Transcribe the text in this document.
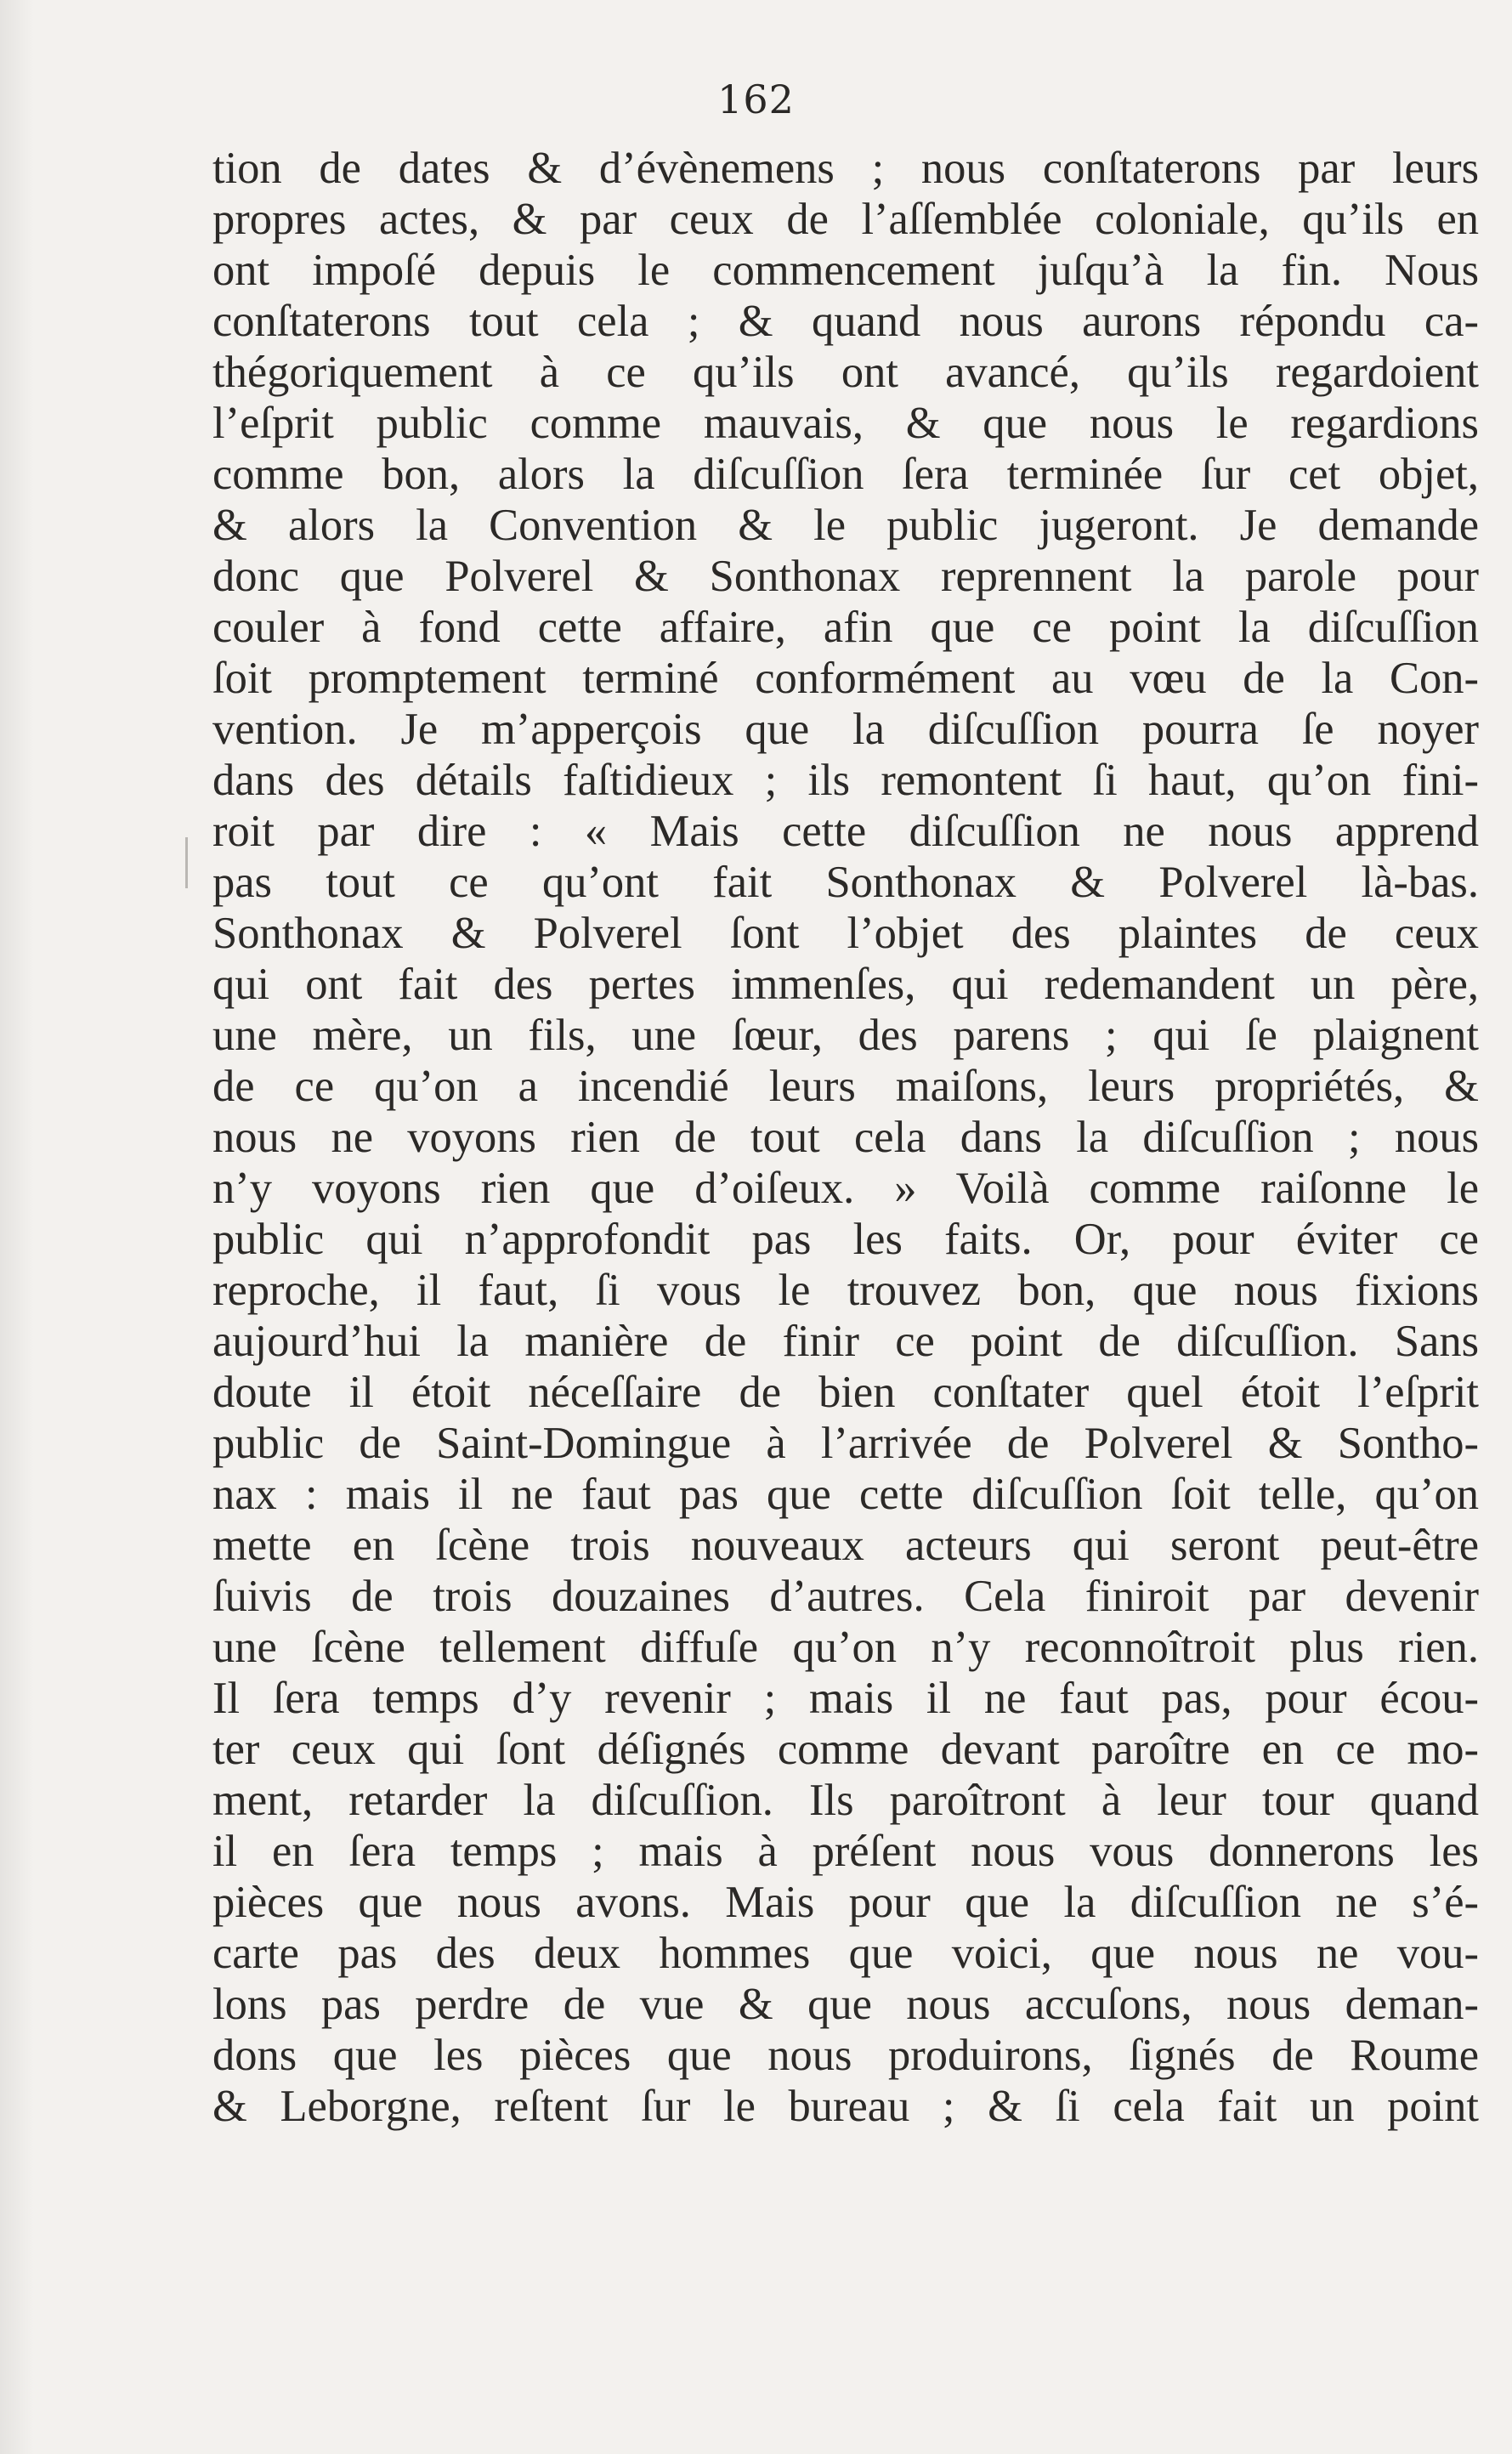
162
tion de dates & d’évènemens ; nous conſtaterons par leurs
propres actes, & par ceux de l’aſſemblée coloniale, qu’ils en
ont impoſé depuis le commencement juſqu’à la fin. Nous
conſtaterons tout cela ; & quand nous aurons répondu ca-
thégoriquement à ce qu’ils ont avancé, qu’ils regardoient
l’eſprit public comme mauvais, & que nous le regardions
comme bon, alors la diſcuſſion ſera terminée ſur cet objet,
& alors la Convention & le public jugeront. Je demande
donc que Polverel & Sonthonax reprennent la parole pour
couler à fond cette affaire, afin que ce point la diſcuſſion
ſoit promptement terminé conformément au vœu de la Con-
vention. Je m’apperçois que la diſcuſſion pourra ſe noyer
dans des détails faſtidieux ; ils remontent ſi haut, qu’on fini-
roit par dire : « Mais cette diſcuſſion ne nous apprend
pas tout ce qu’ont fait Sonthonax & Polverel là-bas.
Sonthonax & Polverel ſont l’objet des plaintes de ceux
qui ont fait des pertes immenſes, qui redemandent un père,
une mère, un fils, une ſœur, des parens ; qui ſe plaignent
de ce qu’on a incendié leurs maiſons, leurs propriétés, &
nous ne voyons rien de tout cela dans la diſcuſſion ; nous
n’y voyons rien que d’oiſeux. » Voilà comme raiſonne le
public qui n’approfondit pas les faits. Or, pour éviter ce
reproche, il faut, ſi vous le trouvez bon, que nous fixions
aujourd’hui la manière de finir ce point de diſcuſſion. Sans
doute il étoit néceſſaire de bien conſtater quel étoit l’eſprit
public de Saint-Domingue à l’arrivée de Polverel & Sontho-
nax : mais il ne faut pas que cette diſcuſſion ſoit telle, qu’on
mette en ſcène trois nouveaux acteurs qui seront peut-être
ſuivis de trois douzaines d’autres. Cela finiroit par devenir
une ſcène tellement diffuſe qu’on n’y reconnoîtroit plus rien.
Il ſera temps d’y revenir ; mais il ne faut pas, pour écou-
ter ceux qui ſont déſignés comme devant paroître en ce mo-
ment, retarder la diſcuſſion. Ils paroîtront à leur tour quand
il en ſera temps ; mais à préſent nous vous donnerons les
pièces que nous avons. Mais pour que la diſcuſſion ne s’é-
carte pas des deux hommes que voici, que nous ne vou-
lons pas perdre de vue & que nous accuſons, nous deman-
dons que les pièces que nous produirons, ſignés de Roume
& Leborgne, reſtent ſur le bureau ; & ſi cela fait un point
